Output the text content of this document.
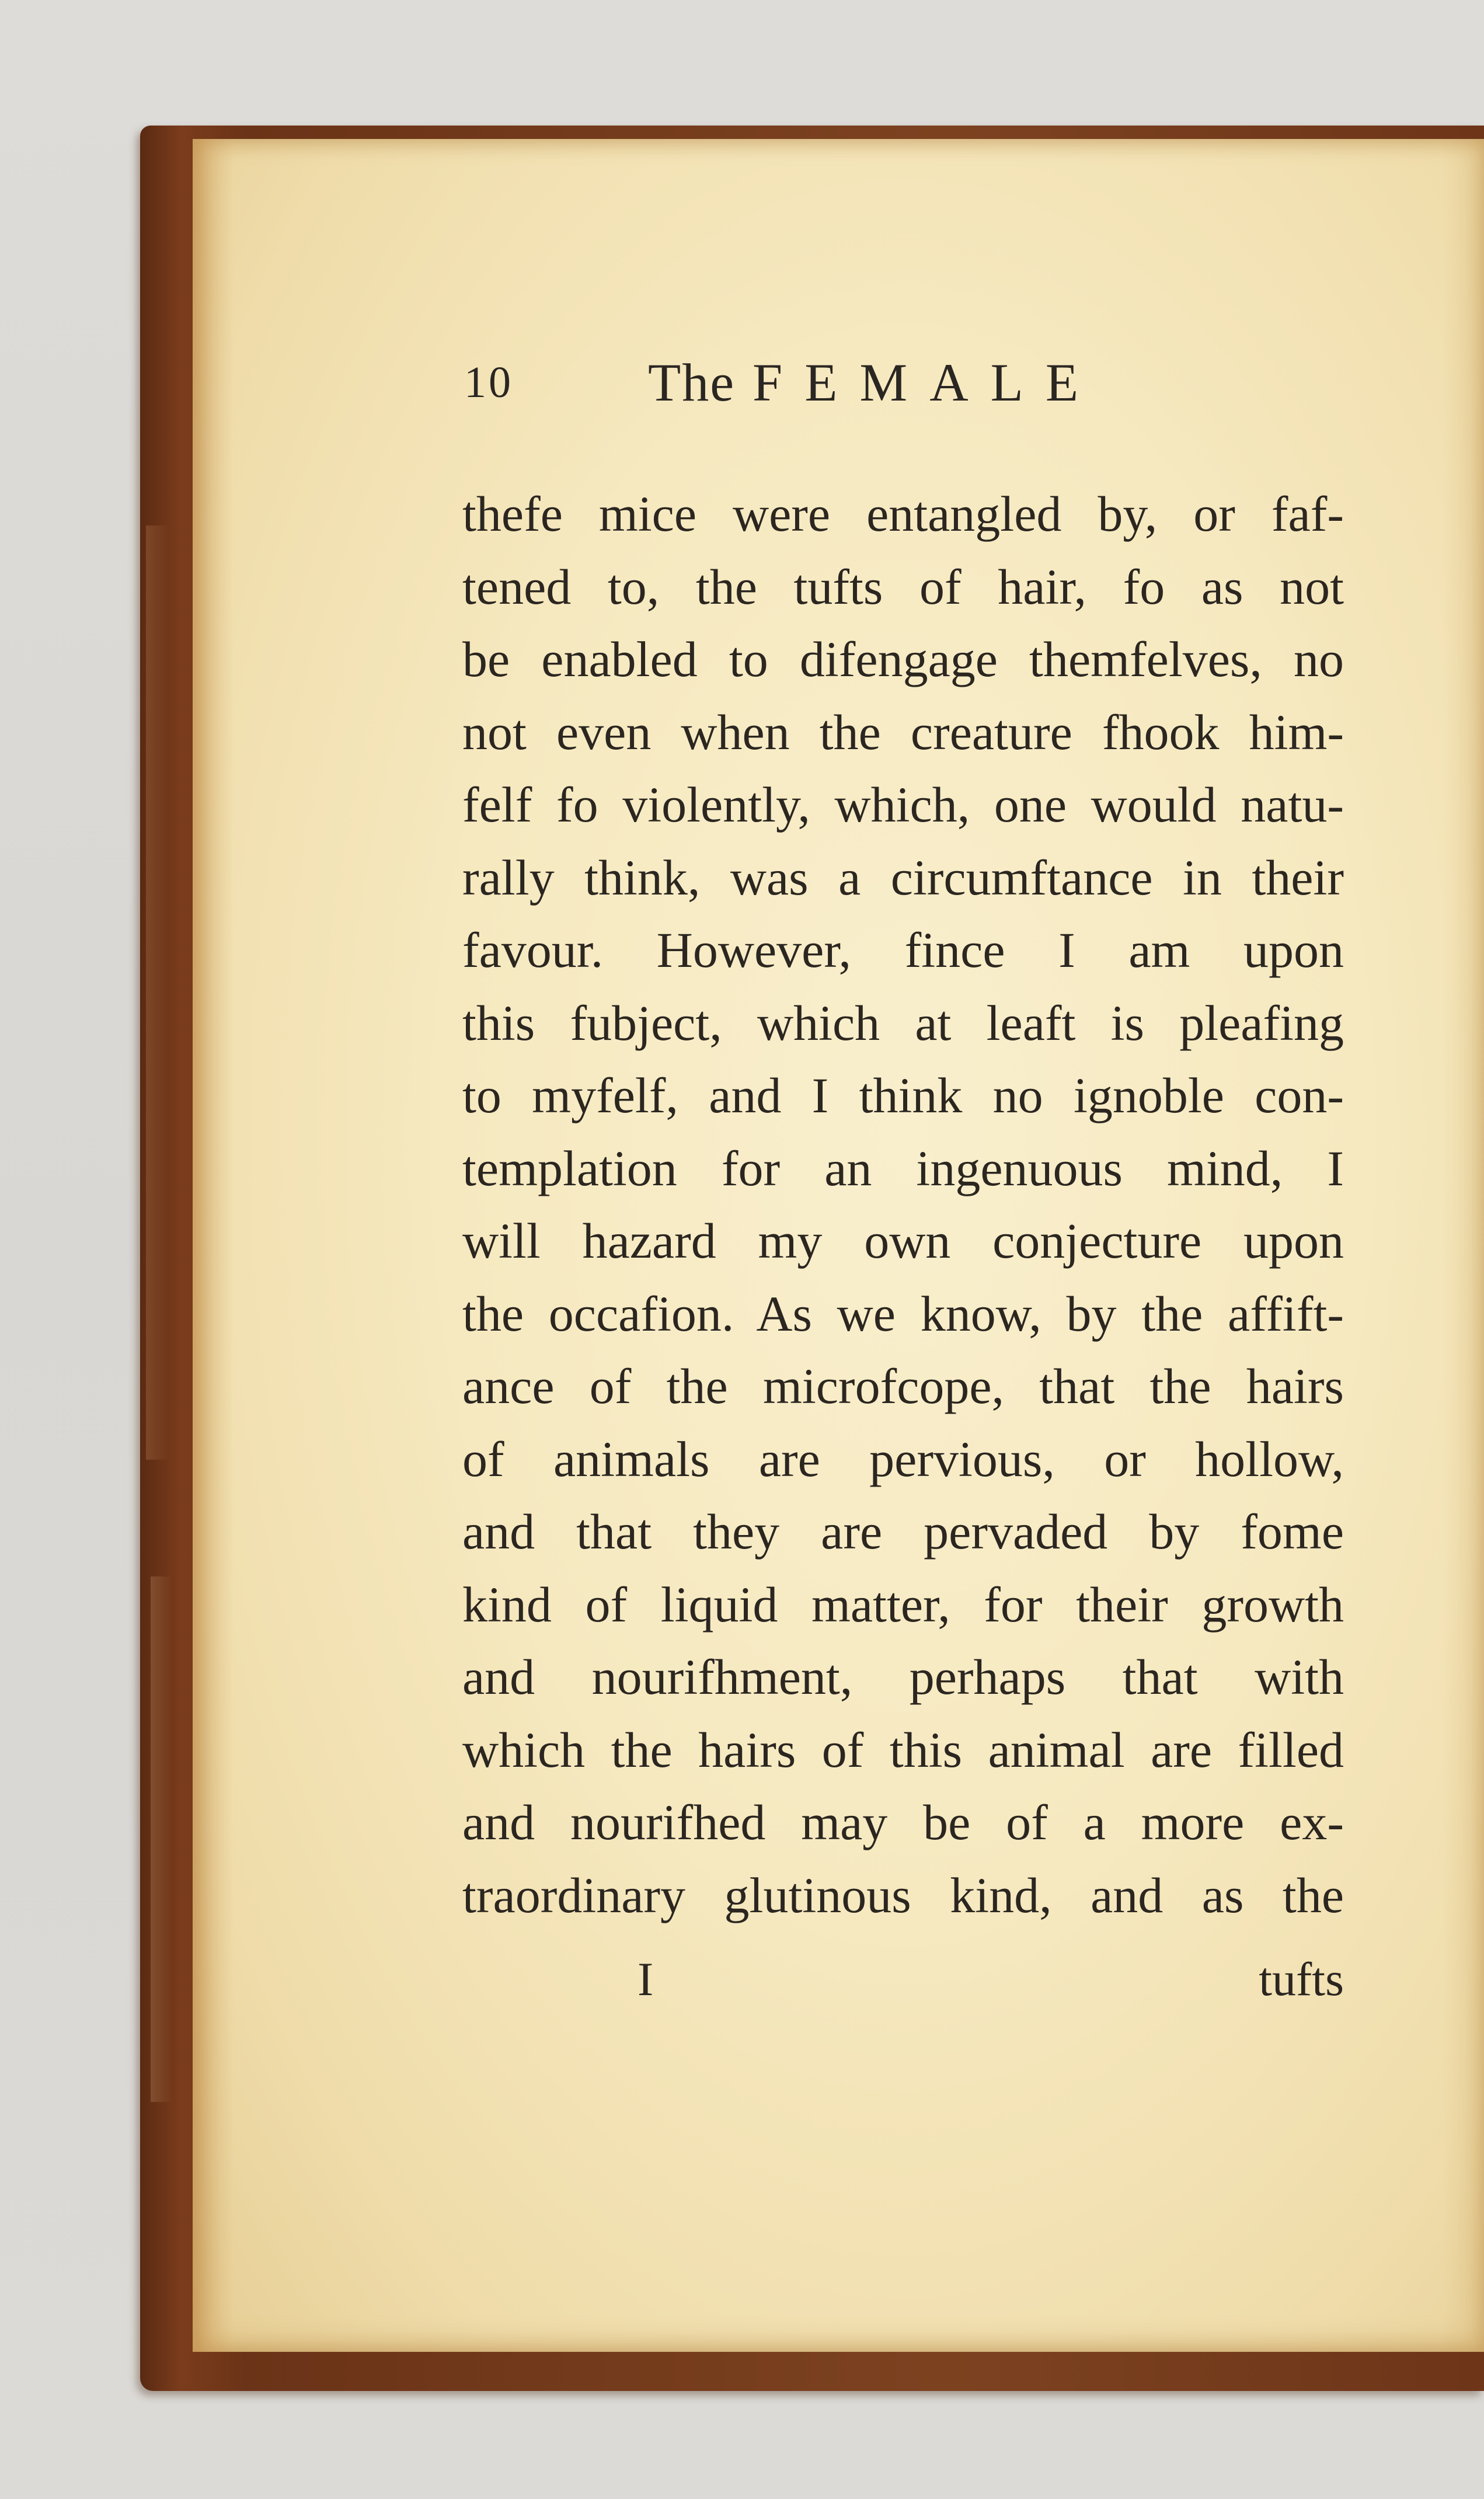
10	The FEMALE
thefe mice were entangled by, or faf-
tened to, the tufts of hair, fo as not
be enabled to difengage themfelves, no
not even when the creature fhook him-
felf fo violently, which, one would natu-
rally think, was a circumftance in their
favour. However, fince I am upon
this fubject, which at leaft is pleafing
to myfelf, and I think no ignoble con-
templation for an ingenuous mind, I
will hazard my own conjecture upon
the occafion. As we know, by the affift-
ance of the microfcope, that the hairs
of animals are pervious, or hollow,
and that they are pervaded by fome
kind of liquid matter, for their growth
and nourifhment, perhaps that with
which the hairs of this animal are filled
and nourifhed may be of a more ex-
traordinary glutinous kind, and as the
I	tufts
